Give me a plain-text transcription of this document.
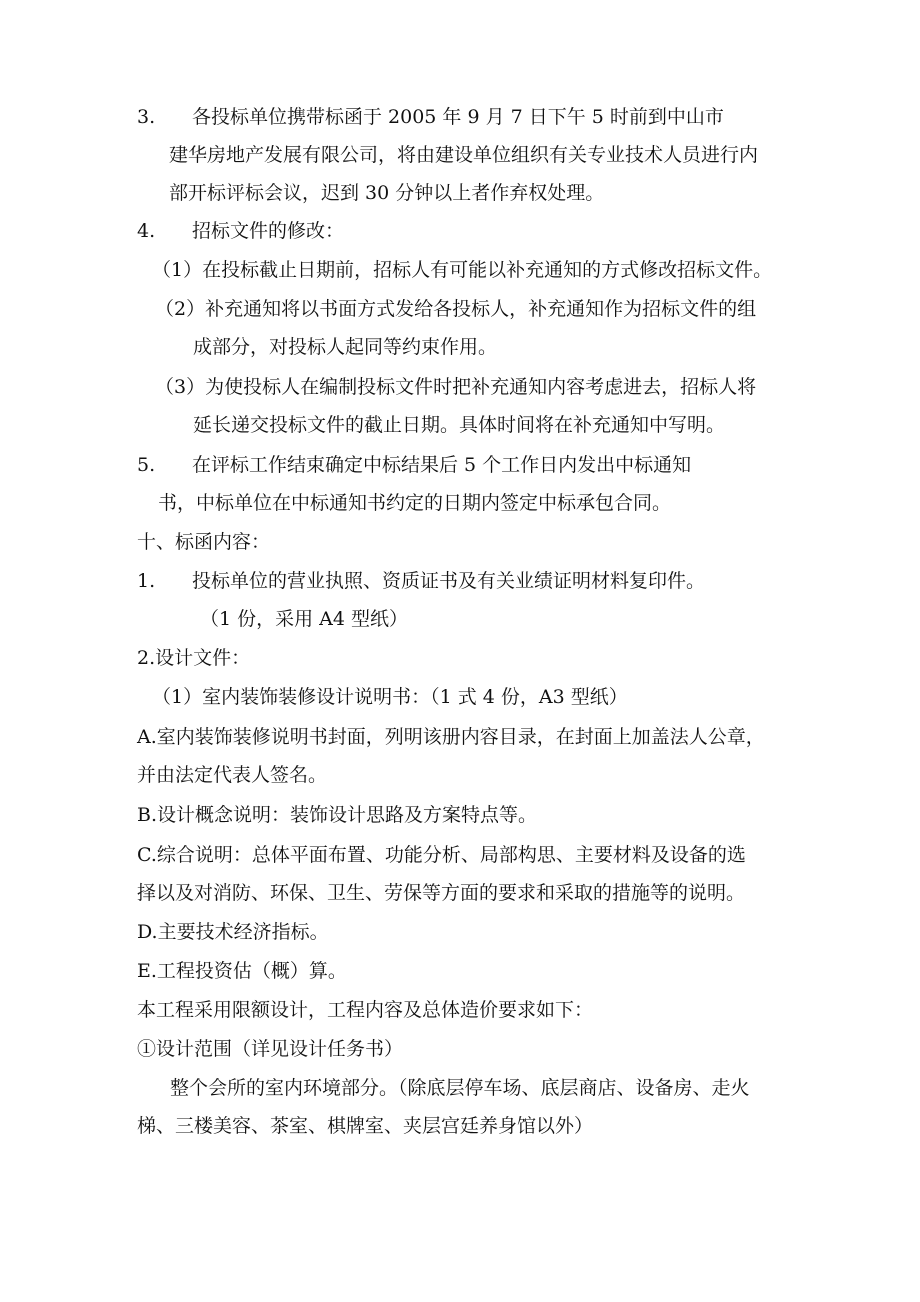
3. 各投标单位携带标函于 2005 年 9 月 7 日下午 5 时前到中山市
建华房地产发展有限公司，将由建设单位组织有关专业技术人员进行内
部开标评标会议，迟到 30 分钟以上者作弃权处理。
4. 招标文件的修改：
（1）在投标截止日期前，招标人有可能以补充通知的方式修改招标文件。
（2）补充通知将以书面方式发给各投标人，补充通知作为招标文件的组
成部分，对投标人起同等约束作用。
（3）为使投标人在编制投标文件时把补充通知内容考虑进去，招标人将
延长递交投标文件的截止日期。具体时间将在补充通知中写明。
5. 在评标工作结束确定中标结果后 5 个工作日内发出中标通知
书，中标单位在中标通知书约定的日期内签定中标承包合同。
十、标函内容：
1. 投标单位的营业执照、资质证书及有关业绩证明材料复印件。
（1 份，采用 A4 型纸）
2.设计文件：
（1）室内装饰装修设计说明书：（1 式 4 份，A3 型纸）
A.室内装饰装修说明书封面，列明该册内容目录，在封面上加盖法人公章，
并由法定代表人签名。
B.设计概念说明：装饰设计思路及方案特点等。
C.综合说明：总体平面布置、功能分析、局部构思、主要材料及设备的选
择以及对消防、环保、卫生、劳保等方面的要求和采取的措施等的说明。
D.主要技术经济指标。
E.工程投资估（概）算。
本工程采用限额设计，工程内容及总体造价要求如下：
①设计范围（详见设计任务书）
整个会所的室内环境部分。（除底层停车场、底层商店、设备房、走火
梯、三楼美容、茶室、棋牌室、夹层宫廷养身馆以外）
